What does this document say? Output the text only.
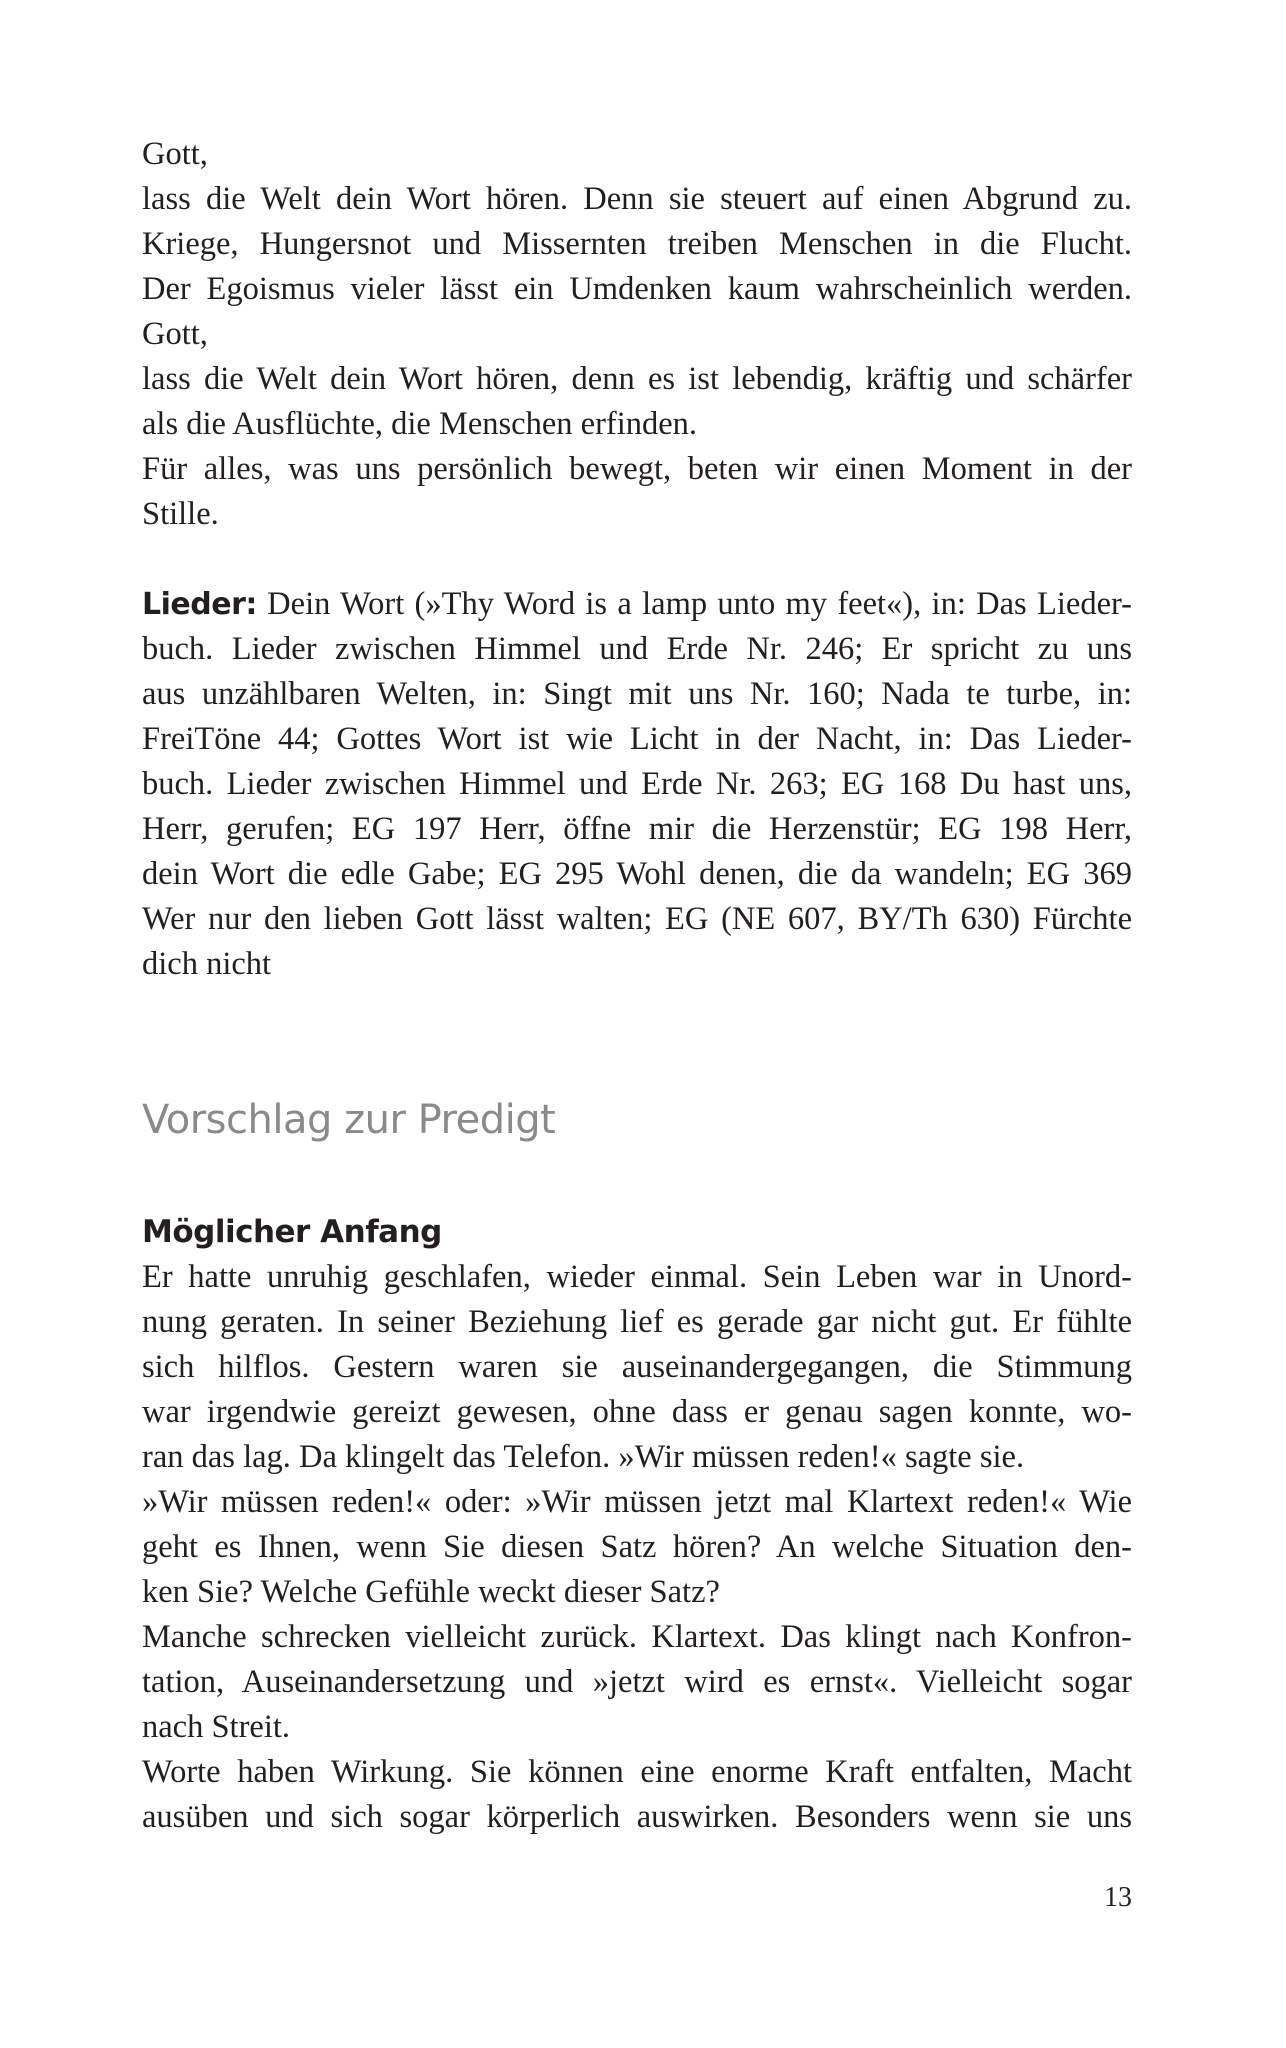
Gott,
lass die Welt dein Wort hören. Denn sie steuert auf einen Abgrund zu.
Kriege, Hungersnot und Missernten treiben Menschen in die Flucht.
Der Egoismus vieler lässt ein Umdenken kaum wahrscheinlich werden.
Gott,
lass die Welt dein Wort hören, denn es ist lebendig, kräftig und schärfer
als die Ausflüchte, die Menschen erfinden.
Für alles, was uns persönlich bewegt, beten wir einen Moment in der
Stille.
Lieder: Dein Wort (»Thy Word is a lamp unto my feet«), in: Das Lieder-
buch. Lieder zwischen Himmel und Erde Nr. 246; Er spricht zu uns
aus unzählbaren Welten, in: Singt mit uns Nr. 160; Nada te turbe, in:
FreiTöne 44; Gottes Wort ist wie Licht in der Nacht, in: Das Lieder-
buch. Lieder zwischen Himmel und Erde Nr. 263; EG 168 Du hast uns,
Herr, gerufen; EG 197 Herr, öffne mir die Herzenstür; EG 198 Herr,
dein Wort die edle Gabe; EG 295 Wohl denen, die da wandeln; EG 369
Wer nur den lieben Gott lässt walten; EG (NE 607, BY/Th 630) Fürchte
dich nicht
Vorschlag zur Predigt
Möglicher Anfang
Er hatte unruhig geschlafen, wieder einmal. Sein Leben war in Unord-
nung geraten. In seiner Beziehung lief es gerade gar nicht gut. Er fühlte
sich hilflos. Gestern waren sie auseinandergegangen, die Stimmung
war irgendwie gereizt gewesen, ohne dass er genau sagen konnte, wo-
ran das lag. Da klingelt das Telefon. »Wir müssen reden!« sagte sie.
»Wir müssen reden!« oder: »Wir müssen jetzt mal Klartext reden!« Wie
geht es Ihnen, wenn Sie diesen Satz hören? An welche Situation den-
ken Sie? Welche Gefühle weckt dieser Satz?
Manche schrecken vielleicht zurück. Klartext. Das klingt nach Konfron-
tation, Auseinandersetzung und »jetzt wird es ernst«. Vielleicht sogar
nach Streit.
Worte haben Wirkung. Sie können eine enorme Kraft entfalten, Macht
ausüben und sich sogar körperlich auswirken. Besonders wenn sie uns
13
